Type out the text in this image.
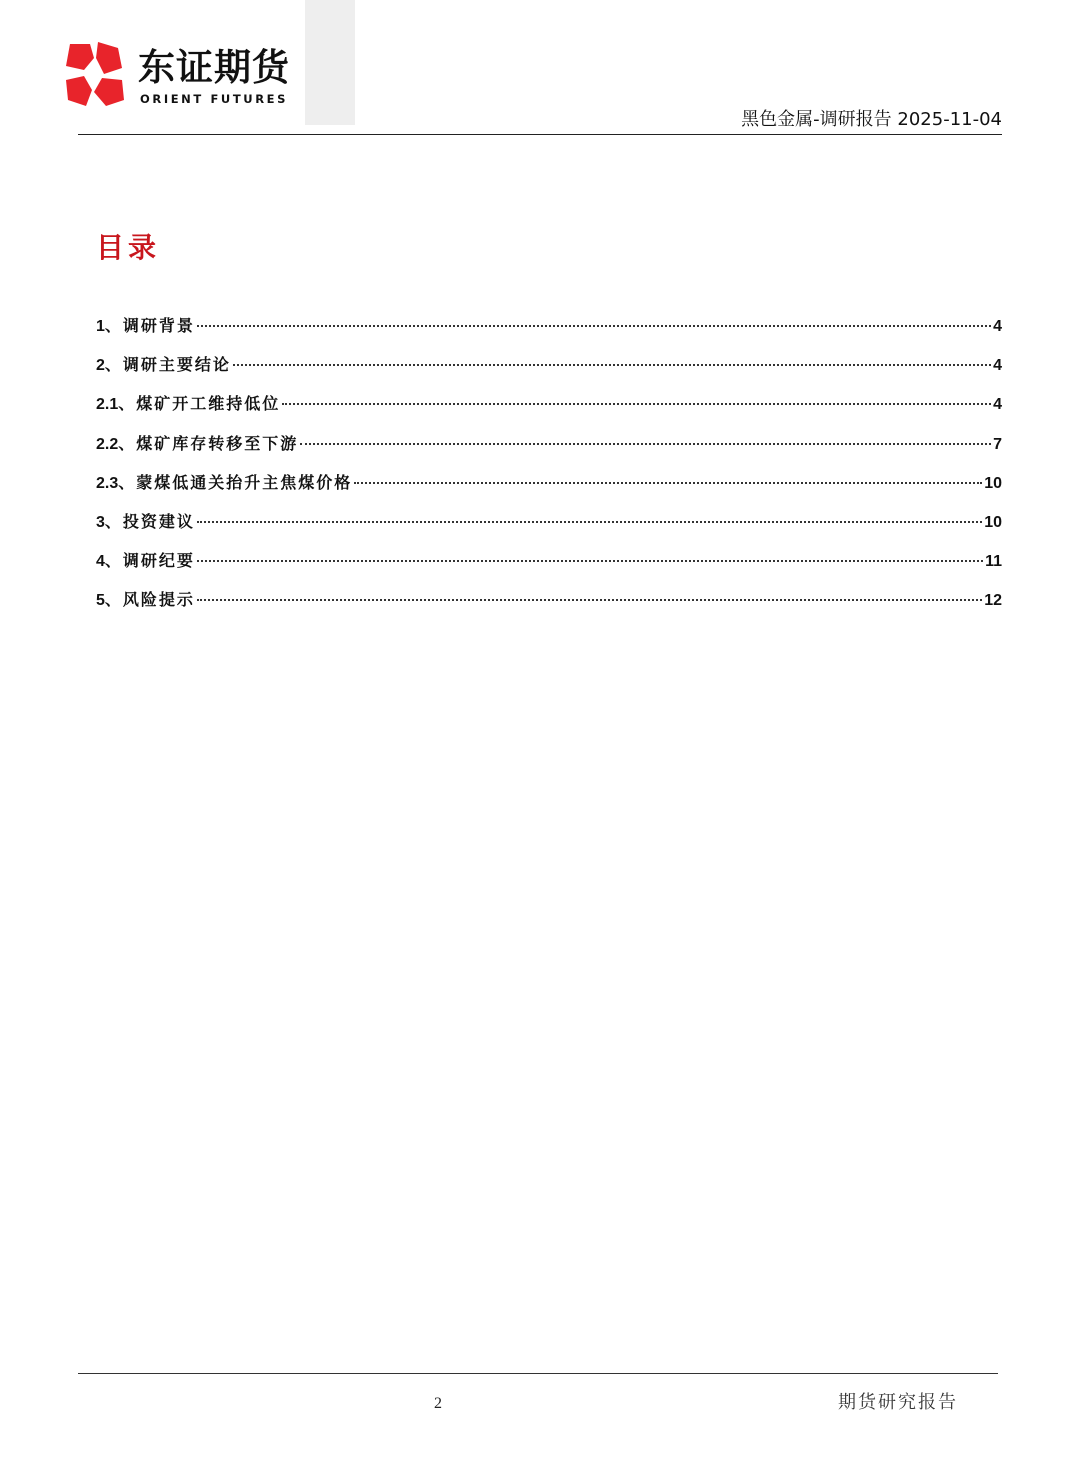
东证期货
ORIENT FUTURES
黑色金属-调研报告 2025-11-04
目录
1、 调研背景	4
2、 调研主要结论	4
2.1、 煤矿开工维持低位	4
2.2、 煤矿库存转移至下游	7
2.3、 蒙煤低通关抬升主焦煤价格	10
3、 投资建议	10
4、 调研纪要	11
5、 风险提示	12
2	期货研究报告
